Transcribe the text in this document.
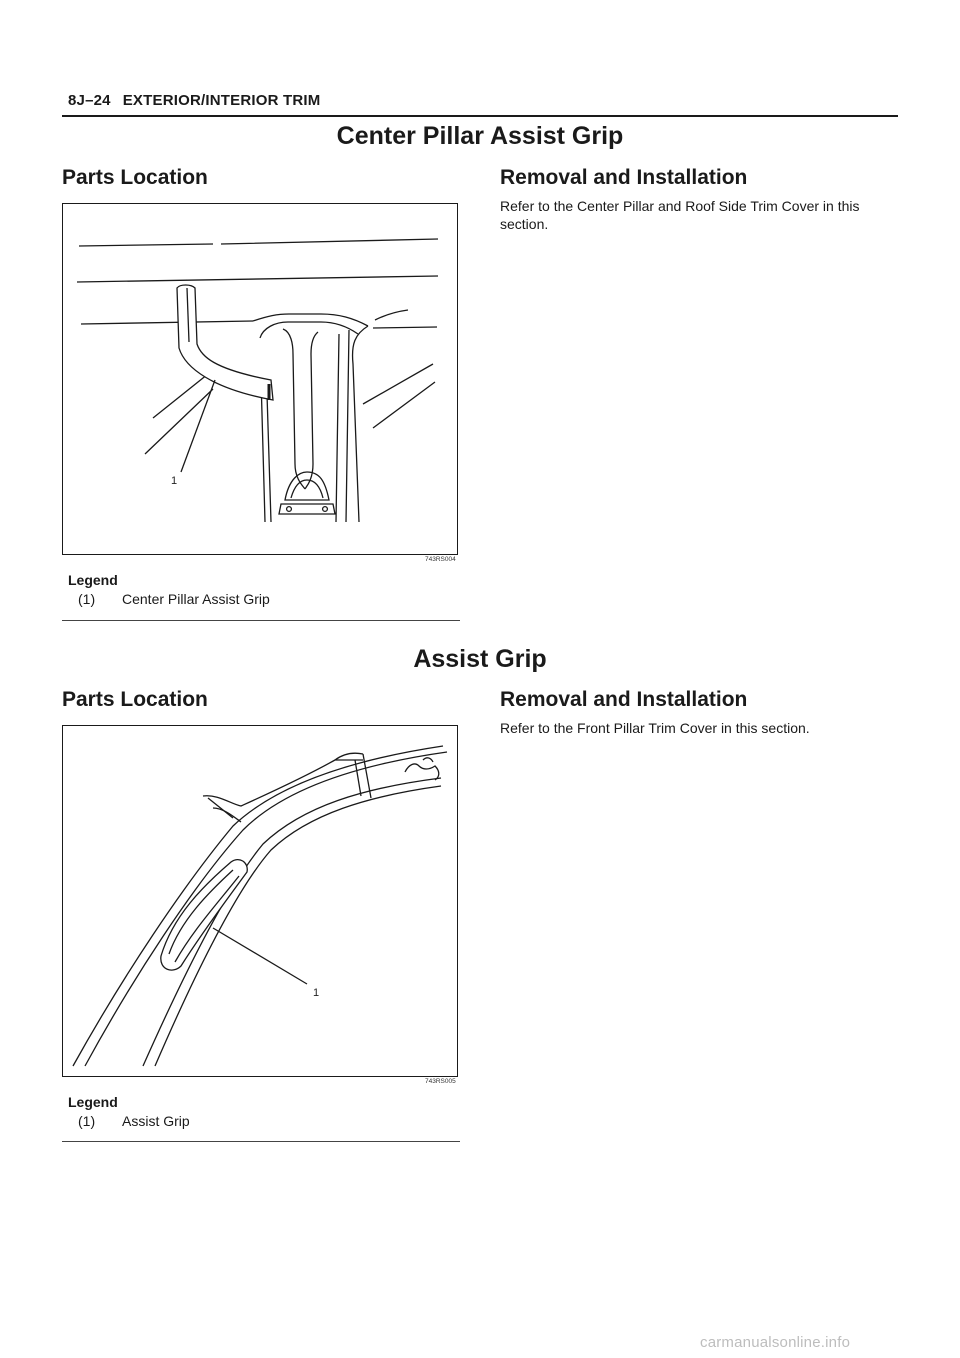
8J–24 EXTERIOR/INTERIOR TRIM
Center Pillar Assist Grip
Parts Location	Removal and Installation
Refer to the Center Pillar and Roof Side Trim Cover in this section.
1
743RS004
Legend
(1) Center Pillar Assist Grip
Assist Grip
Parts Location	Removal and Installation
Refer to the Front Pillar Trim Cover in this section.
1
743RS005
Legend
(1) Assist Grip
carmanualsonline.info
